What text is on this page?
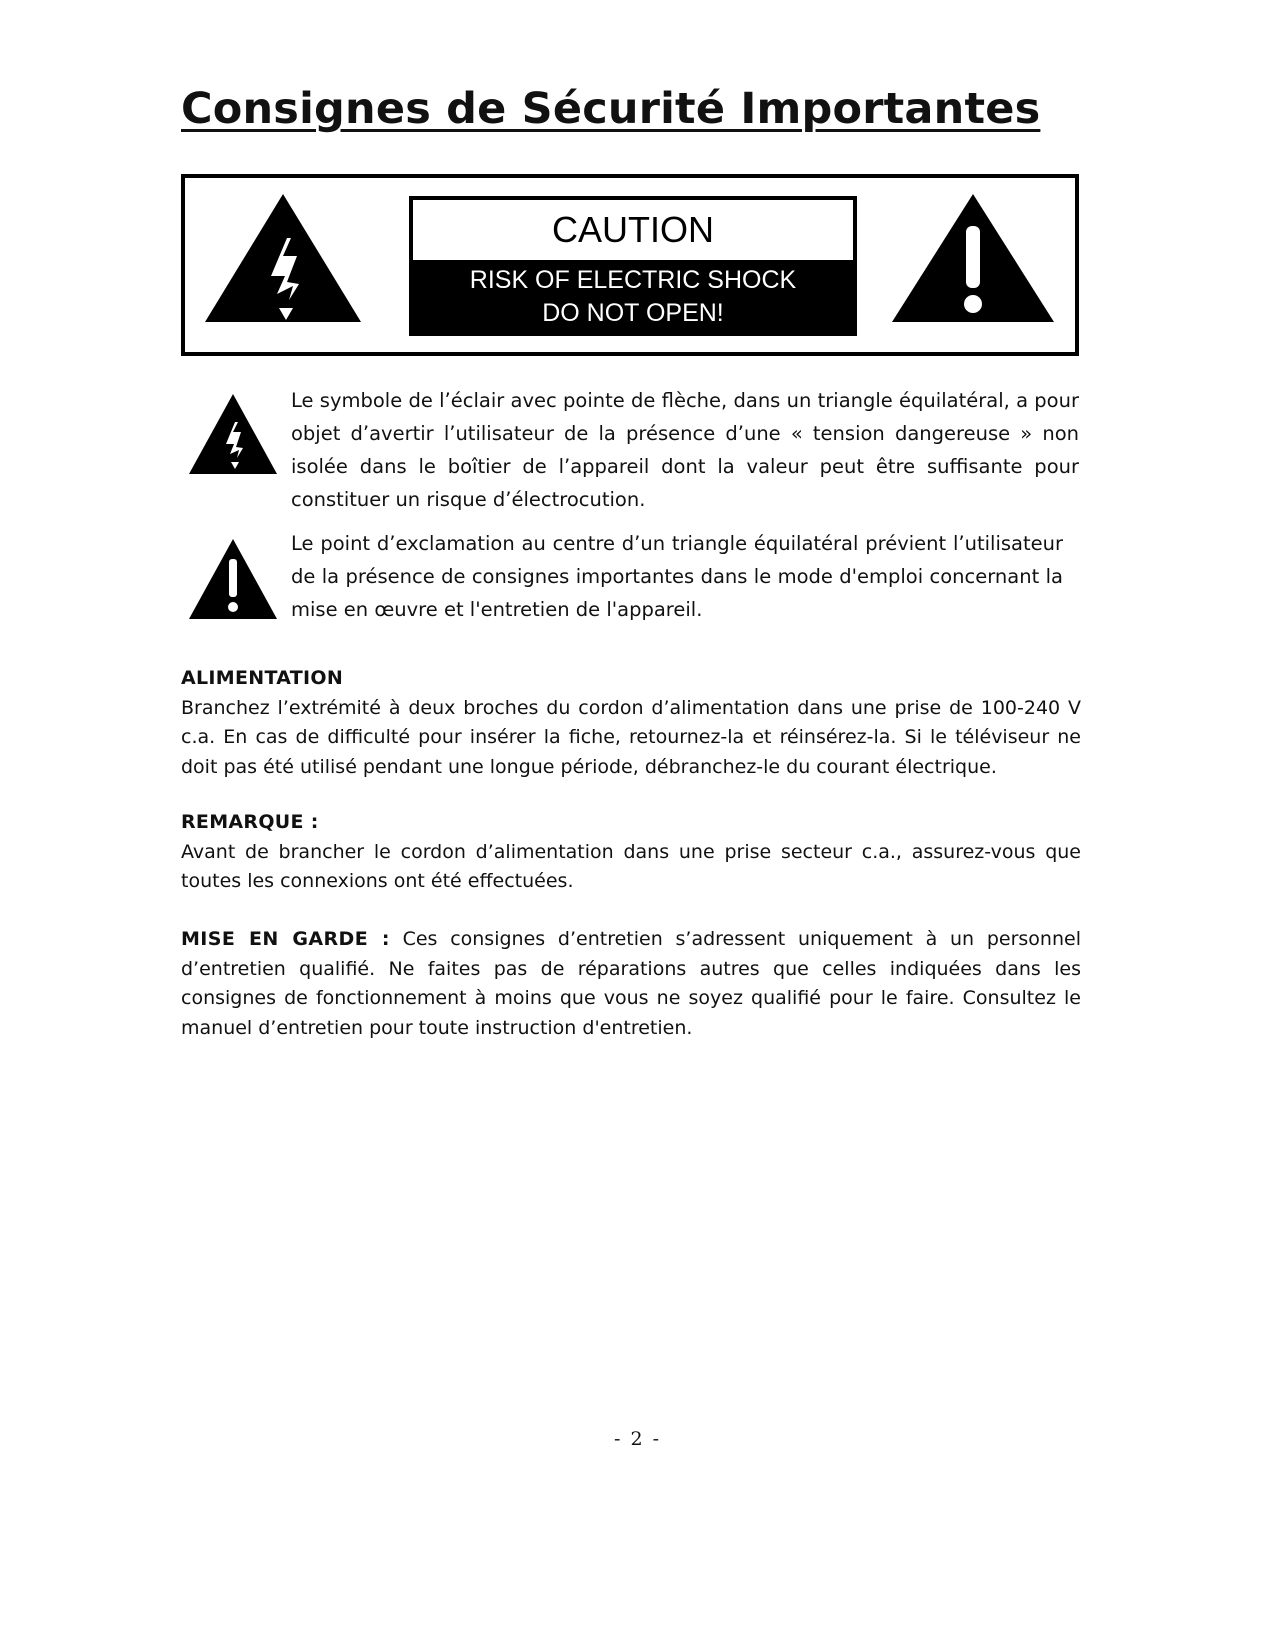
Consignes de Sécurité Importantes
CAUTION
RISK OF ELECTRIC SHOCK
DO NOT OPEN!

Le symbole de l’éclair avec pointe de flèche, dans un triangle équilatéral, a pour objet d’avertir l’utilisateur de la présence d’une « tension dangereuse » non isolée dans le boîtier de l’appareil dont la valeur peut être suffisante pour constituer un risque d’électrocution.

Le point d’exclamation au centre d’un triangle équilatéral prévient l’utilisateur de la présence de consignes importantes dans le mode d'emploi concernant la mise en œuvre et l'entretien de l'appareil.

ALIMENTATION

Branchez l’extrémité à deux broches du cordon d’alimentation dans une prise de 100-240 V c.a. En cas de difficulté pour insérer la fiche, retournez-la et réinsérez-la. Si le téléviseur ne doit pas été utilisé pendant une longue période, débranchez-le du courant électrique.

REMARQUE :

Avant de brancher le cordon d’alimentation dans une prise secteur c.a., assurez-vous que toutes les connexions ont été effectuées.

MISE EN GARDE : Ces consignes d’entretien s’adressent uniquement à un personnel d’entretien qualifié. Ne faites pas de réparations autres que celles indiquées dans les consignes de fonctionnement à moins que vous ne soyez qualifié pour le faire. Consultez le manuel d’entretien pour toute instruction d'entretien.

- 2 -
